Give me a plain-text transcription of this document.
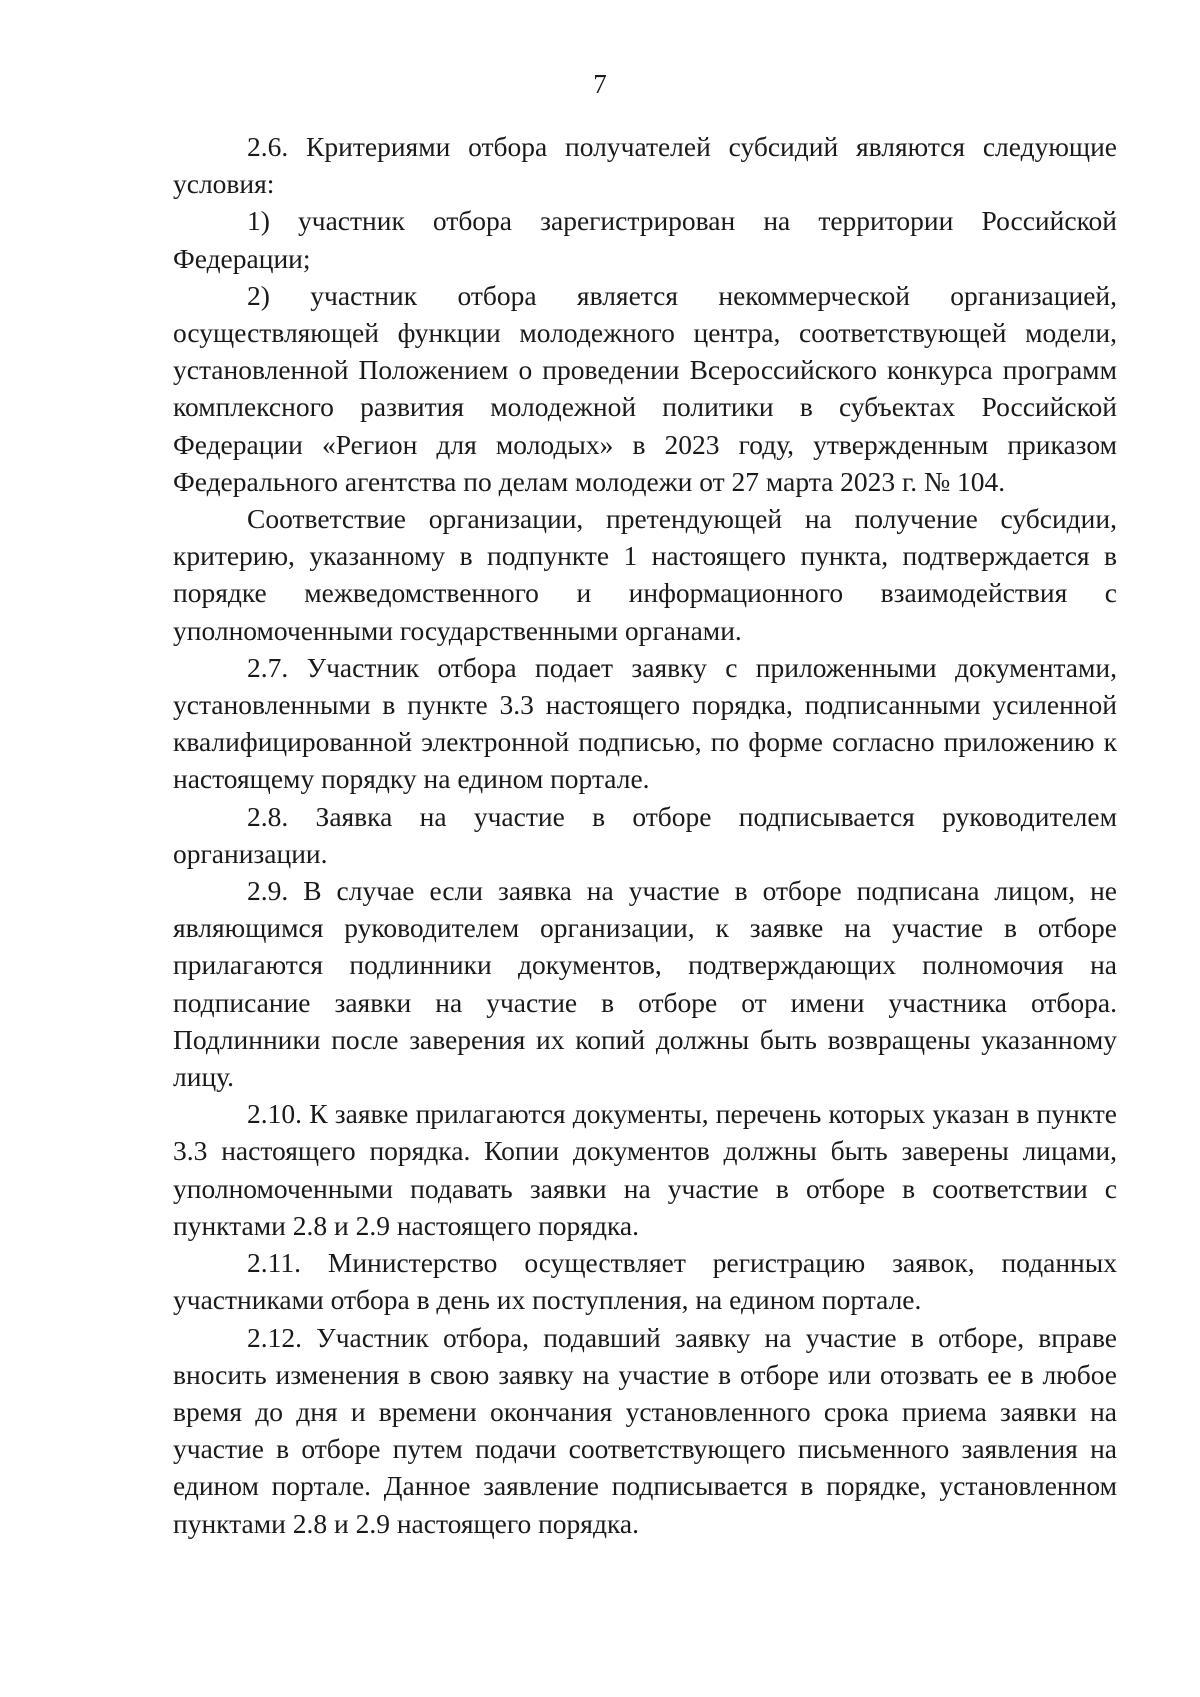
7

2.6. Критериями отбора получателей субсидий являются следующие условия:

1) участник отбора зарегистрирован на территории Российской Федерации;

2) участник отбора является некоммерческой организацией, осуществляющей функции молодежного центра, соответствующей модели, установленной Положением о проведении Всероссийского конкурса программ комплексного развития молодежной политики в субъектах Российской Федерации «Регион для молодых» в 2023 году, утвержденным приказом Федерального агентства по делам молодежи от 27 марта 2023 г. № 104.

Соответствие организации, претендующей на получение субсидии, критерию, указанному в подпункте 1 настоящего пункта, подтверждается в порядке межведомственного и информационного взаимодействия с уполномоченными государственными органами.

2.7. Участник отбора подает заявку с приложенными документами, установленными в пункте 3.3 настоящего порядка, подписанными усиленной квалифицированной электронной подписью, по форме согласно приложению к настоящему порядку на едином портале.

2.8. Заявка на участие в отборе подписывается руководителем организации.

2.9. В случае если заявка на участие в отборе подписана лицом, не являющимся руководителем организации, к заявке на участие в отборе прилагаются подлинники документов, подтверждающих полномочия на подписание заявки на участие в отборе от имени участника отбора. Подлинники после заверения их копий должны быть возвращены указанному лицу.

2.10. К заявке прилагаются документы, перечень которых указан в пункте 3.3 настоящего порядка. Копии документов должны быть заверены лицами, уполномоченными подавать заявки на участие в отборе в соответствии с пунктами 2.8 и 2.9 настоящего порядка.

2.11. Министерство осуществляет регистрацию заявок, поданных участниками отбора в день их поступления, на едином портале.

2.12. Участник отбора, подавший заявку на участие в отборе, вправе вносить изменения в свою заявку на участие в отборе или отозвать ее в любое время до дня и времени окончания установленного срока приема заявки на участие в отборе путем подачи соответствующего письменного заявления на едином портале. Данное заявление подписывается в порядке, установленном пунктами 2.8 и 2.9 настоящего порядка.
